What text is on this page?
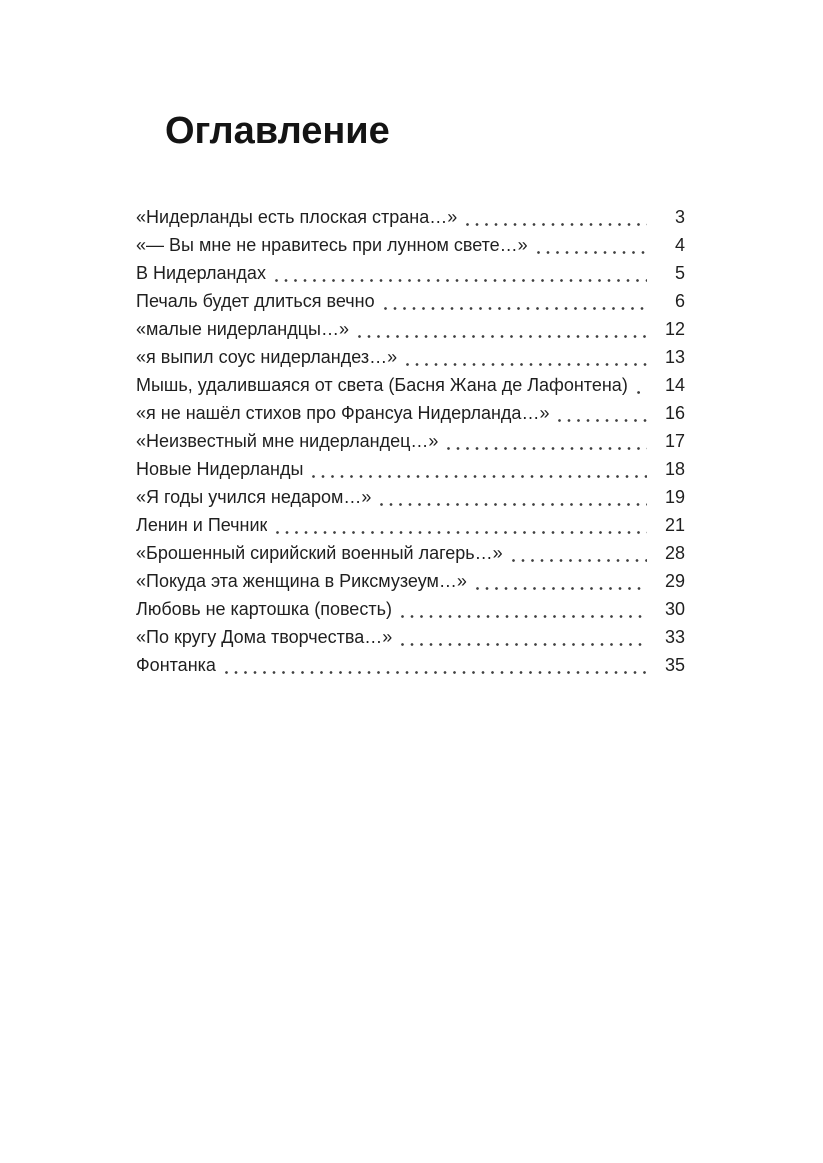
Оглавление
«Нидерланды есть плоская страна…»	3
«— Вы мне не нравитесь при лунном свете…»	4
В Нидерландах	5
Печаль будет длиться вечно	6
«малые нидерландцы…»	12
«я выпил соус нидерландез…»	13
Мышь, удалившаяся от света (Басня Жана де Лафонтена)	14
«я не нашёл стихов про Франсуа Нидерланда…»	16
«Неизвестный мне нидерландец…»	17
Новые Нидерланды	18
«Я годы учился недаром…»	19
Ленин и Печник	21
«Брошенный сирийский военный лагерь…»	28
«Покуда эта женщина в Риксмузеум…»	29
Любовь не картошка (повесть)	30
«По кругу Дома творчества…»	33
Фонтанка	35
